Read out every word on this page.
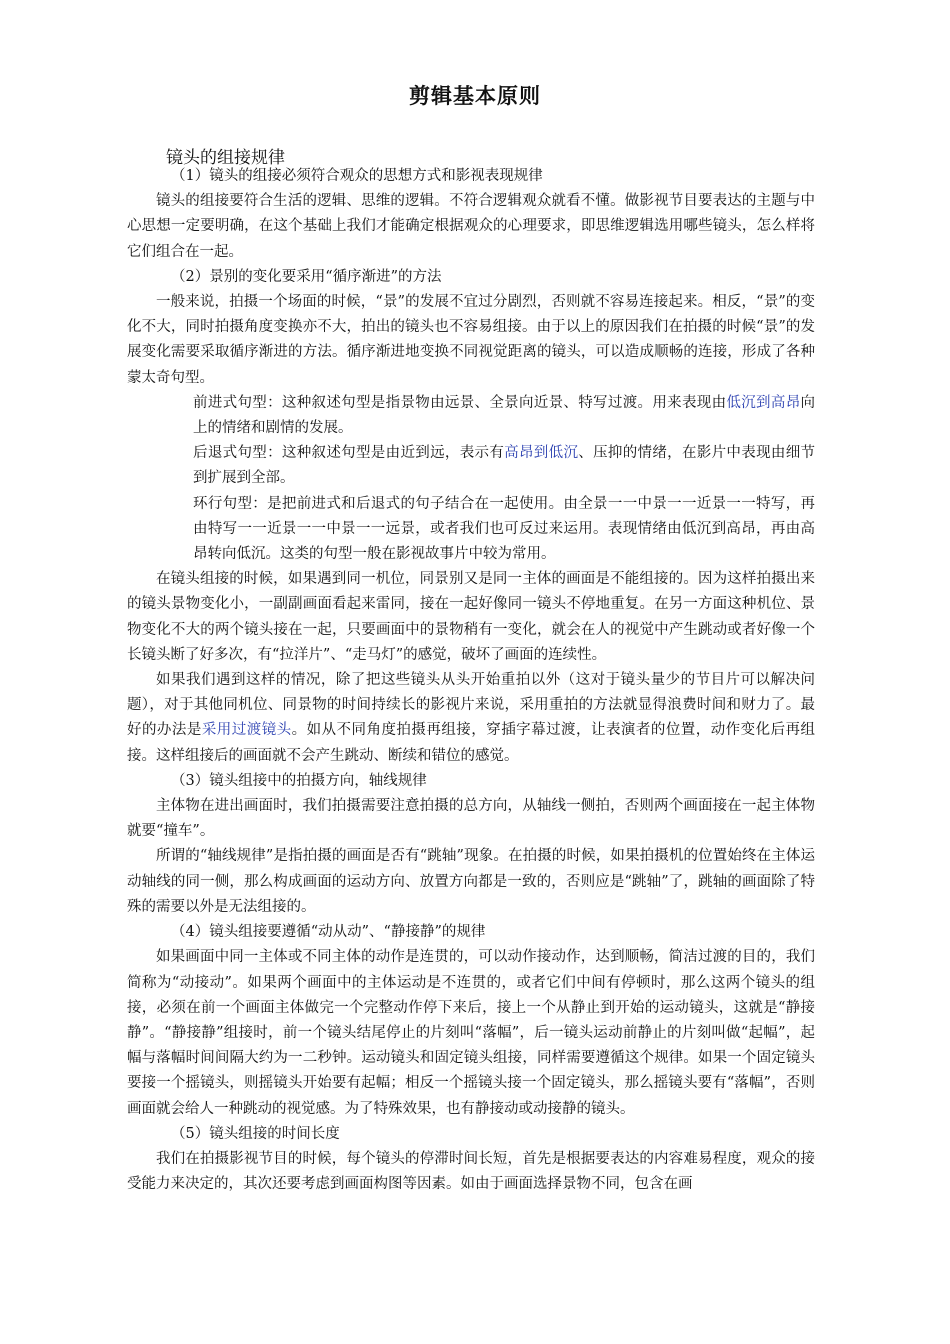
剪辑基本原则
镜头的组接规律

（1）镜头的组接必须符合观众的思想方式和影视表现规律

镜头的组接要符合生活的逻辑、思维的逻辑。不符合逻辑观众就看不懂。做影视节目要表达的主题与中心思想一定要明确，在这个基础上我们才能确定根据观众的心理要求，即思维逻辑选用哪些镜头，怎么样将它们组合在一起。

（2）景别的变化要采用“循序渐进”的方法

一般来说，拍摄一个场面的时候，“景”的发展不宜过分剧烈，否则就不容易连接起来。相反，“景”的变化不大，同时拍摄角度变换亦不大，拍出的镜头也不容易组接。由于以上的原因我们在拍摄的时候“景”的发展变化需要采取循序渐进的方法。循序渐进地变换不同视觉距离的镜头，可以造成顺畅的连接，形成了各种蒙太奇句型。

前进式句型：这种叙述句型是指景物由远景、全景向近景、特写过渡。用来表现由低沉到高昂向上的情绪和剧情的发展。

后退式句型：这种叙述句型是由近到远，表示有高昂到低沉、压抑的情绪，在影片中表现由细节到扩展到全部。

环行句型：是把前进式和后退式的句子结合在一起使用。由全景一一中景一一近景一一特写，再由特写一一近景一一中景一一远景，或者我们也可反过来运用。表现情绪由低沉到高昂，再由高昂转向低沉。这类的句型一般在影视故事片中较为常用。

在镜头组接的时候，如果遇到同一机位，同景别又是同一主体的画面是不能组接的。因为这样拍摄出来的镜头景物变化小，一副副画面看起来雷同，接在一起好像同一镜头不停地重复。在另一方面这种机位、景物变化不大的两个镜头接在一起，只要画面中的景物稍有一变化，就会在人的视觉中产生跳动或者好像一个长镜头断了好多次，有“拉洋片”、“走马灯”的感觉，破坏了画面的连续性。

如果我们遇到这样的情况，除了把这些镜头从头开始重拍以外（这对于镜头量少的节目片可以解决问题），对于其他同机位、同景物的时间持续长的影视片来说，采用重拍的方法就显得浪费时间和财力了。最好的办法是采用过渡镜头。如从不同角度拍摄再组接，穿插字幕过渡，让表演者的位置，动作变化后再组接。这样组接后的画面就不会产生跳动、断续和错位的感觉。

（3）镜头组接中的拍摄方向，轴线规律

主体物在进出画面时，我们拍摄需要注意拍摄的总方向，从轴线一侧拍，否则两个画面接在一起主体物就要“撞车”。

所谓的“轴线规律”是指拍摄的画面是否有“跳轴”现象。在拍摄的时候，如果拍摄机的位置始终在主体运动轴线的同一侧，那么构成画面的运动方向、放置方向都是一致的，否则应是“跳轴”了，跳轴的画面除了特殊的需要以外是无法组接的。

（4）镜头组接要遵循“动从动”、“静接静”的规律

如果画面中同一主体或不同主体的动作是连贯的，可以动作接动作，达到顺畅，简洁过渡的目的，我们简称为“动接动”。如果两个画面中的主体运动是不连贯的，或者它们中间有停顿时，那么这两个镜头的组接，必须在前一个画面主体做完一个完整动作停下来后，接上一个从静止到开始的运动镜头，这就是“静接静”。“静接静”组接时，前一个镜头结尾停止的片刻叫“落幅”，后一镜头运动前静止的片刻叫做“起幅”，起幅与落幅时间间隔大约为一二秒钟。运动镜头和固定镜头组接，同样需要遵循这个规律。如果一个固定镜头要接一个摇镜头，则摇镜头开始要有起幅；相反一个摇镜头接一个固定镜头，那么摇镜头要有“落幅”，否则画面就会给人一种跳动的视觉感。为了特殊效果，也有静接动或动接静的镜头。

（5）镜头组接的时间长度

我们在拍摄影视节目的时候，每个镜头的停滞时间长短，首先是根据要表达的内容难易程度，观众的接受能力来决定的，其次还要考虑到画面构图等因素。如由于画面选择景物不同，包含在画
